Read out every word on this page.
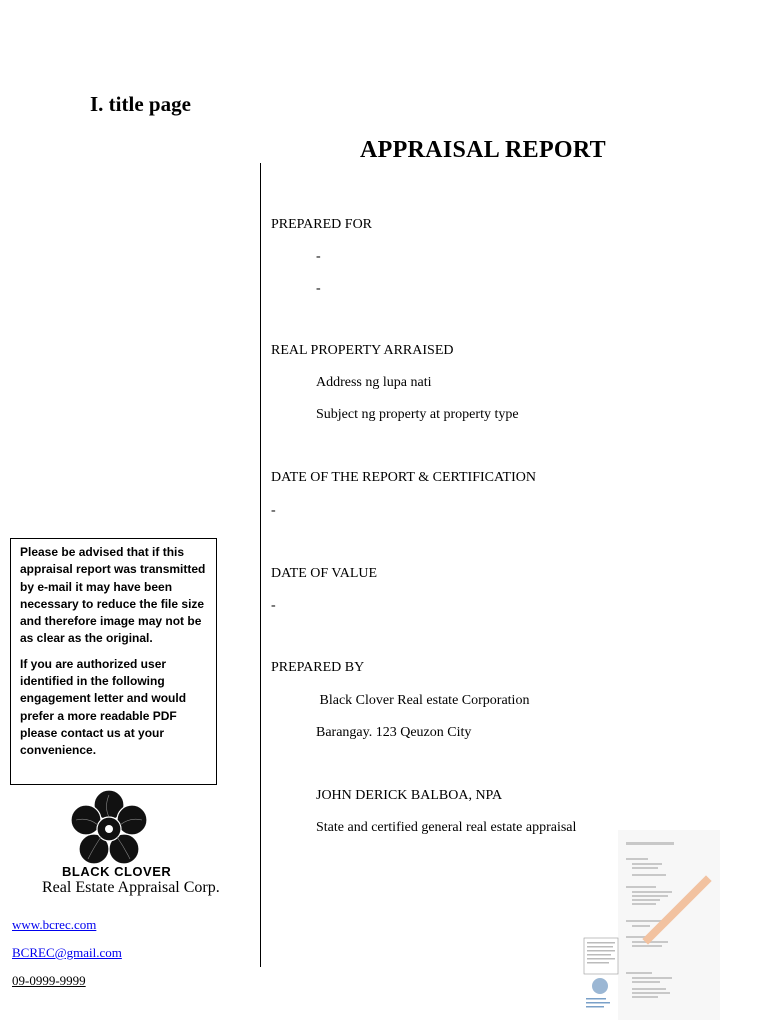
I. title page
APPRAISAL REPORT
PREPARED FOR
-
-
REAL PROPERTY ARRAISED
Address ng lupa nati
Subject ng property at property type
DATE OF THE REPORT & CERTIFICATION
-
DATE OF VALUE
-
PREPARED BY
Black Clover Real estate Corporation
Barangay. 123 Qeuzon City
JOHN DERICK BALBOA, NPA
State and certified general real estate appraisal

Please be advised that if this appraisal report was transmitted by e-mail it may have been necessary to reduce the file size and therefore image may not be as clear as the original.

If you are authorized user identified in the following engagement letter and would prefer a more readable PDF please contact us at your convenience.

BLACK CLOVER
Real Estate Appraisal Corp.
www.bcrec.com
BCREC@gmail.com
09-0999-9999
